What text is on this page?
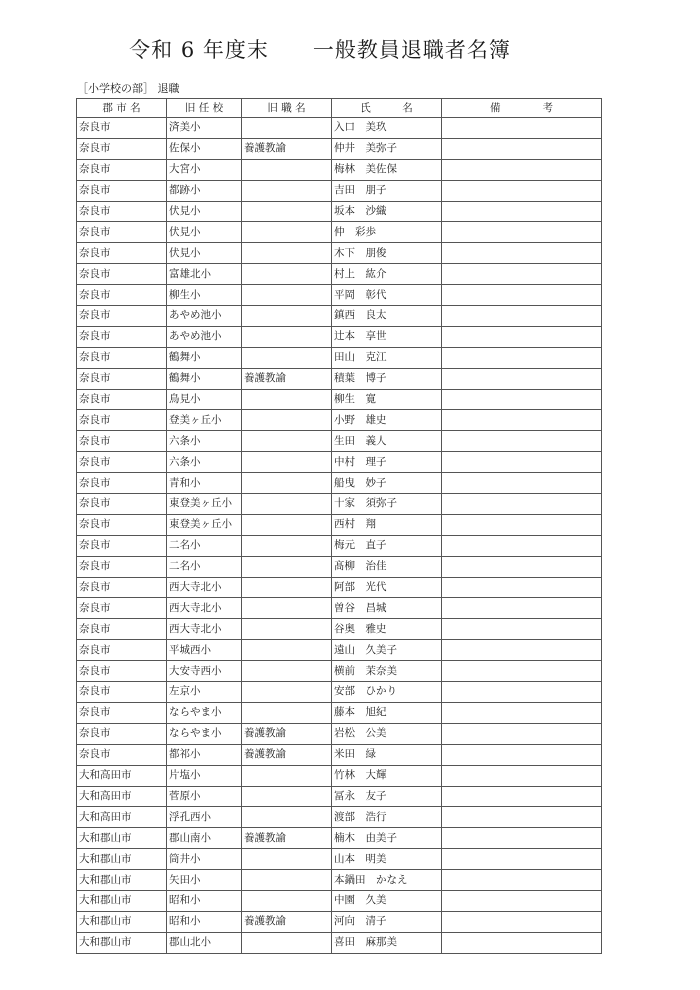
令和 6 年度末　　一般教員退職者名簿
［小学校の部］ 退職
郡 市 名	旧 任 校	旧 職 名	氏　　　名	備　　　　考
奈良市	済美小		入口　美玖	
奈良市	佐保小	養護教諭	仲井　美弥子	
奈良市	大宮小		梅林　美佐保	
奈良市	都跡小		吉田　朋子	
奈良市	伏見小		坂本　沙織	
奈良市	伏見小		仲　彩歩	
奈良市	伏見小		木下　朋俊	
奈良市	富雄北小		村上　紘介	
奈良市	柳生小		平岡　彰代	
奈良市	あやめ池小		鎮西　良太	
奈良市	あやめ池小		辻本　享世	
奈良市	鶴舞小		田山　克江	
奈良市	鶴舞小	養護教諭	積葉　博子	
奈良市	鳥見小		柳生　寛	
奈良市	登美ヶ丘小		小野　雄史	
奈良市	六条小		生田　義人	
奈良市	六条小		中村　理子	
奈良市	青和小		船曳　妙子	
奈良市	東登美ヶ丘小		十家　須弥子	
奈良市	東登美ヶ丘小		西村　翔	
奈良市	二名小		梅元　直子	
奈良市	二名小		髙柳　治佳	
奈良市	西大寺北小		阿部　光代	
奈良市	西大寺北小		曽谷　昌城	
奈良市	西大寺北小		谷奥　雅史	
奈良市	平城西小		遠山　久美子	
奈良市	大安寺西小		横前　茉奈美	
奈良市	左京小		安部　ひかり	
奈良市	ならやま小		藤本　旭紀	
奈良市	ならやま小	養護教諭	岩松　公美	
奈良市	都祁小	養護教諭	米田　緑	
大和高田市	片塩小		竹林　大輝	
大和高田市	菅原小		冨永　友子	
大和高田市	浮孔西小		渡部　浩行	
大和郡山市	郡山南小	養護教諭	楠木　由美子	
大和郡山市	筒井小		山本　明美	
大和郡山市	矢田小		本鍋田　かなえ	
大和郡山市	昭和小		中園　久美	
大和郡山市	昭和小	養護教諭	河向　清子	
大和郡山市	郡山北小		喜田　麻那美	
